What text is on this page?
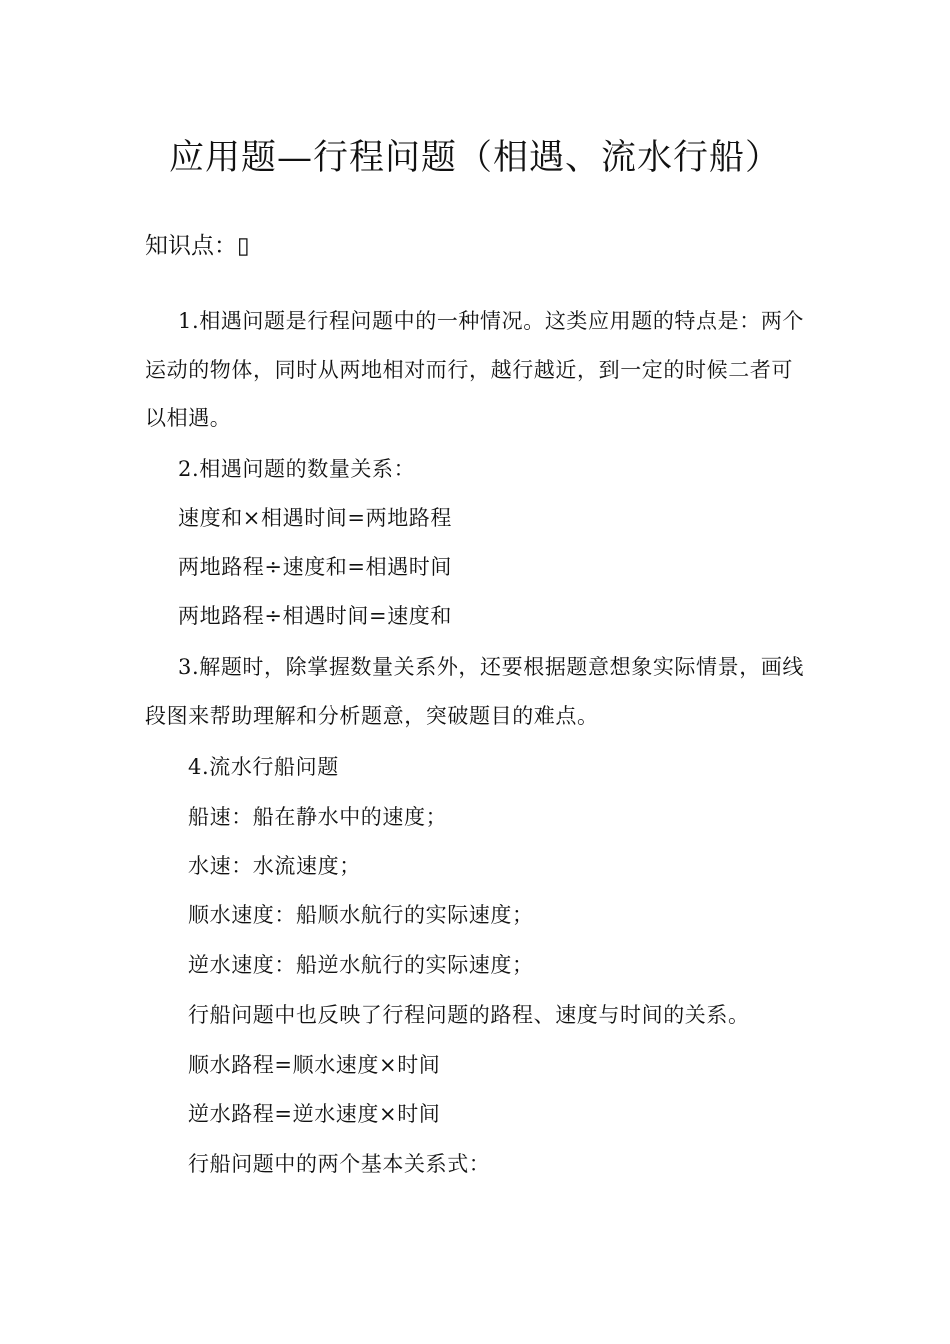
应用题—行程问题（相遇、流水行船）
知识点：▯

1.相遇问题是行程问题中的一种情况。这类应用题的特点是：两个运动的物体，同时从两地相对而行，越行越近，到一定的时候二者可以相遇。

2.相遇问题的数量关系：
速度和×相遇时间=两地路程
两地路程÷速度和=相遇时间
两地路程÷相遇时间=速度和

3.解题时，除掌握数量关系外，还要根据题意想象实际情景，画线段图来帮助理解和分析题意，突破题目的难点。

4.流水行船问题
船速：船在静水中的速度；
水速：水流速度；
顺水速度：船顺水航行的实际速度；
逆水速度：船逆水航行的实际速度；
行船问题中也反映了行程问题的路程、速度与时间的关系。
顺水路程=顺水速度×时间
逆水路程=逆水速度×时间
行船问题中的两个基本关系式：
